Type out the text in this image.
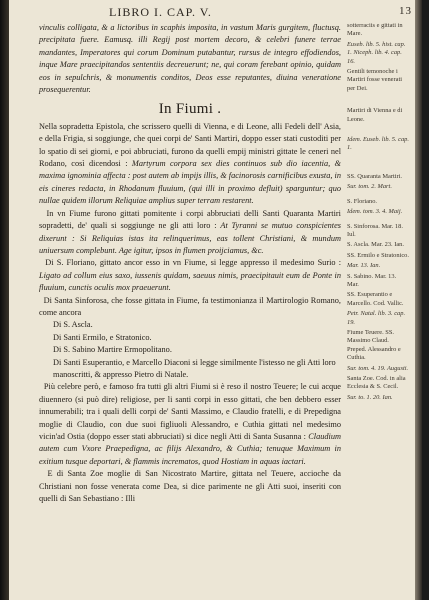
LIBRO I. CAP. V.	13

vinculis colligata, & a lictoribus in scaphis imposita, in vastum Maris gurgitem, fluctusq. precipitata fuere. Eamusq. illi Regij post mortem decoro, & celebri funere terrae mandantes, Imperatores qui corum Dominum putabantur, rursus de integro effodiendos, inque Mare praecipitandos sententiis decreuerunt; ne, qui coram ferebant opinio, quidam eos in sepulchris, & monumentis conditos, Deos esse reputantes, diuina veneratione prosequerentur.

In Fiumi .

Nella sopradetta Epistola, che scrissero quelli di Vienna, e di Leone, alli Fedeli dell' Asia, e della Frigia, si soggiunge, che quei corpi de' Santi Martiri, doppo esser stati custoditi per lo spatio di sei giorni, e poi abbruciati, furono da quelli empij ministri gittate le ceneri nel Rodano, così dicendosi : Martyrum corpora sex dies continuos sub dio iacentia, & maxima ignominia affecta : post autem ab impijs illis, & facinorosis carnificibus exusta, in eis cineres redacta, in Rhodanum fluuium, (qui illi in proximo defluit) sparguntur; quo nullae quidem illorum Reliquiae amplius super terram restarent.

In vn Fiume furono gittati pomitente i corpi abbruciati delli Santi Quaranta Martiri sopradetti, de' quali si soggiunge ne gli atti loro : At Tyranni se mutuo conspicientes dixerunt : Si Reliquias istas ita relinquerimus, eas tollent Christiani, & mundum uniuersum complebunt. Age igitur, ipsos in flumen proijciamus, &c.

Di S. Floriano, gittato ancor esso in vn Fiume, si legge appresso il medesimo Surio : Ligato ad collum eius saxo, iussenis quidam, saeuus nimis, praecipitauit eum de Ponte in fluuium, cunctis oculis mox praeuerunt.

Di Santa Sinforosa, che fosse gittata in Fiume, fa testimonianza il Martirologio Romano, come ancora

Di S. Ascla.
Di Santi Ermilo, e Stratonico.
Di S. Sabino Martire Ermopolitano.
Di Santi Esuperantio, e Marcello Diaconi si legge similmente l'istesso ne gli Atti loro manoscritti, & appresso Pietro di Natale.

Più celebre però, e famoso fra tutti gli altri Fiumi si è reso il nostro Teuere; le cui acque diuennero (si può dire) religiose, per li santi corpi in esso gittati, che ben debbero esser innumerabili; tra i quali delli corpi de' Santi Massimo, e Claudio fratelli, e di Prepedigna moglie di Claudio, con due suoi figliuoli Alessandro, e Cuthia gittati nel medesimo vicin'ad Ostia (doppo esser stati abbruciati) si dice negli Atti di Santa Susanna : Claudium autem cum Vxore Praepedigna, ac filijs Alexandro, & Cuthia; tenuque Maximum in exitium tusque deportari, & flammis incrematos, quod Hostiam in aquas iactari.

E di Santa Zoe moglie di San Nicostrato Martire, gittata nel Teuere, accioche da Christiani non fosse venerata come Dea, si dice parimente ne gli Atti suoi, inseriti con quelli di San Sebastiano : Illi

sotterraciis e gittati in Mare.
Euseb. lib. 5. hist. cap. 1. Niceph. lib. 4. cap. 16.
Gentili temonoche i Martiri fosse venerati per Dei.
Martiri di Vienna e di Leone.
Idem. Euseb. lib. 5. cap. 1.
SS. Quaranta Martiri.
Sur. tom. 2. Mart.
S. Floriano.
Idem. tom. 3. 4. Maij.
S. Sinforosa. Mar. 18. Iul.
S. Ascla. Mar. 23. Ian.
SS. Ermilo e Stratonico.
Mar. 13. Ian.
S. Sabino. Mar. 13. Mar.
SS. Esuperantio e Marcello. Cod. Vallic.
Petr. Natal. lib. 3. cap. 19.
Fiume Teuere. SS. Massimo Claud. Preped. Alessandro e Cuthia.
Sur. tom. 4. 19. Augusti.
Santa Zoe. Cod. in alia Ecclesia & S. Cecil.
Sur. to. 1. 20. Ian.
